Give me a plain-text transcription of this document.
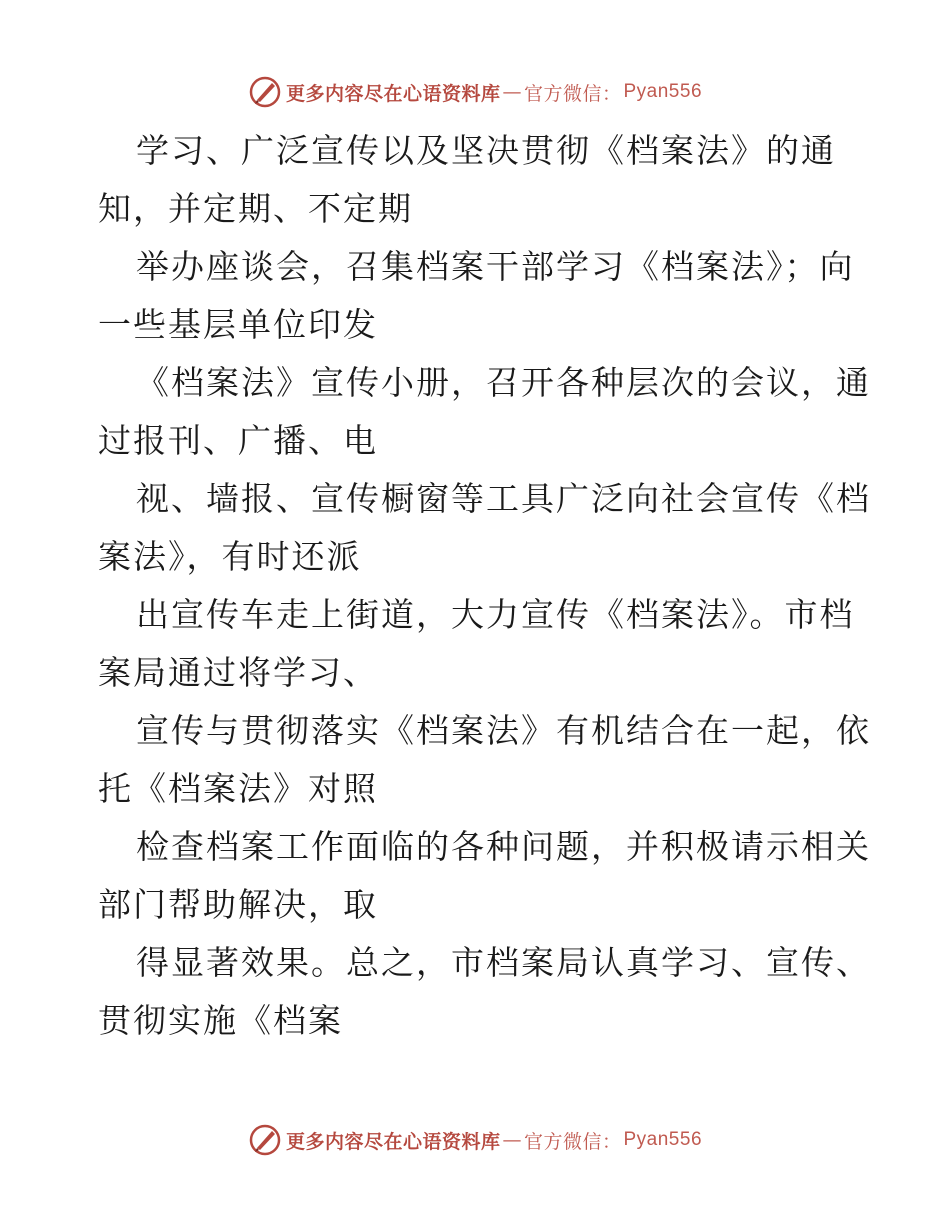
更多内容尽在心语资料库 — 官方微信： Pyan556
学习、广泛宣传以及坚决贯彻《档案法》的通
知，并定期、不定期
举办座谈会，召集档案干部学习《档案法》；向
一些基层单位印发
《档案法》宣传小册，召开各种层次的会议，通
过报刊、广播、电
视、墙报、宣传橱窗等工具广泛向社会宣传《档
案法》，有时还派
出宣传车走上街道，大力宣传《档案法》。市档
案局通过将学习、
宣传与贯彻落实《档案法》有机结合在一起，依
托《档案法》对照
检查档案工作面临的各种问题，并积极请示相关
部门帮助解决，取
得显著效果。总之，市档案局认真学习、宣传、
贯彻实施《档案
更多内容尽在心语资料库 — 官方微信： Pyan556
